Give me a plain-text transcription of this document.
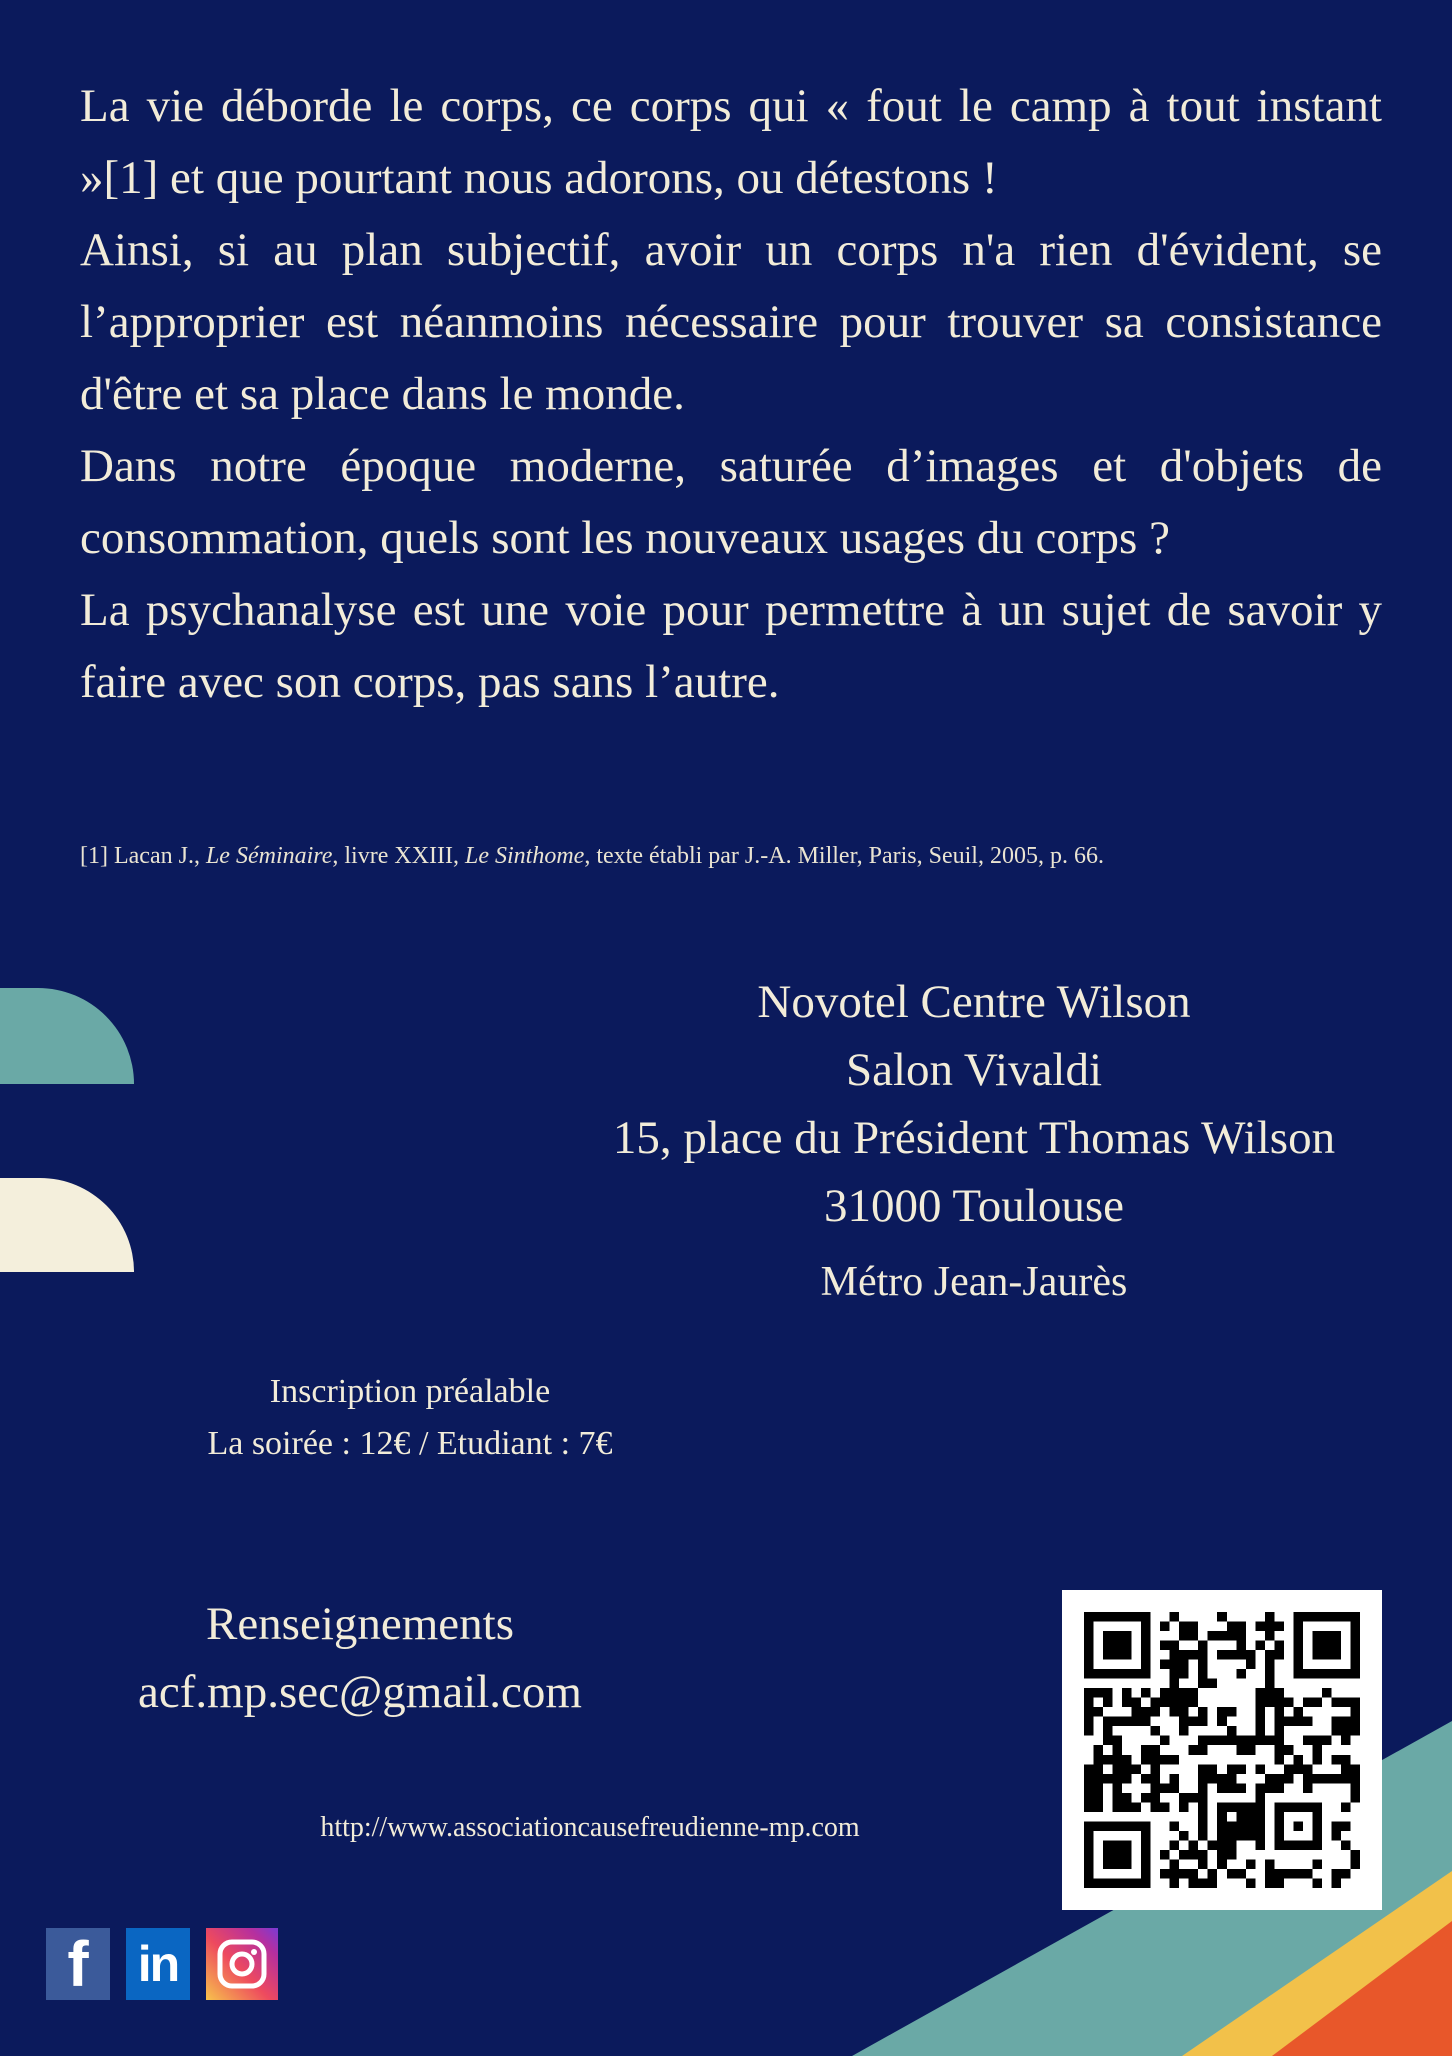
La vie déborde le corps, ce corps qui « fout le camp à tout instant »[1] et que pourtant nous adorons, ou détestons !

Ainsi, si au plan subjectif, avoir un corps n'a rien d'évident, se l’approprier est néanmoins nécessaire pour trouver sa consistance d'être et sa place dans le monde.

Dans notre époque moderne, saturée d’images et d'objets de consommation, quels sont les nouveaux usages du corps ?

La psychanalyse est une voie pour permettre à un sujet de savoir y faire avec son corps, pas sans l’autre.

[1] Lacan J., Le Séminaire, livre XXIII, Le Sinthome, texte établi par J.-A. Miller, Paris, Seuil, 2005, p. 66.

Novotel Centre Wilson
Salon Vivaldi
15, place du Président Thomas Wilson
31000 Toulouse
Métro Jean-Jaurès
Inscription préalable
La soirée : 12€ / Etudiant : 7€
Renseignements
acf.mp.sec@gmail.com
http://www.associationcausefreudienne-mp.com
f in
